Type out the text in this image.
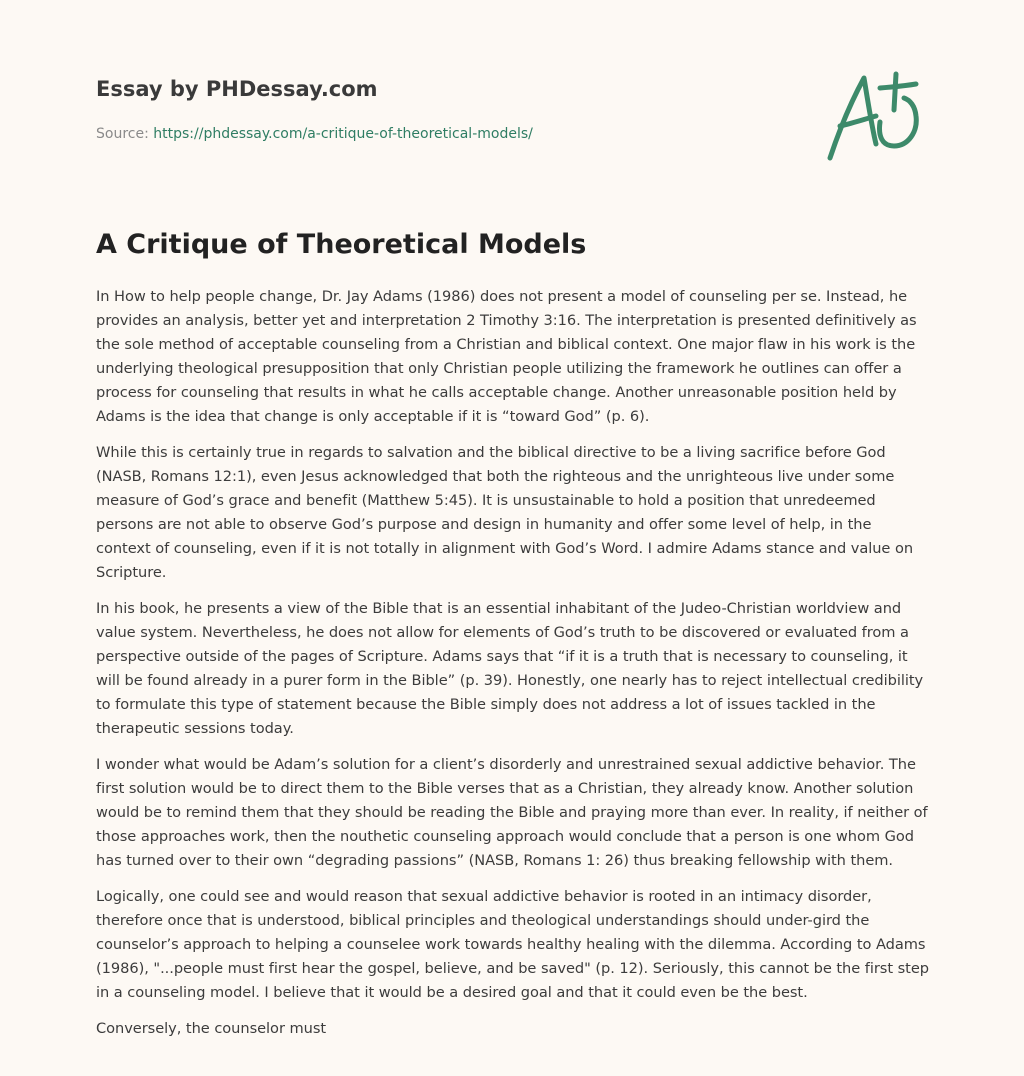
Essay by PHDessay.com
Source: https://phdessay.com/a-critique-of-theoretical-models/
A Critique of Theoretical Models

In How to help people change, Dr. Jay Adams (1986) does not present a model of counseling per se. Instead, he provides an analysis, better yet and interpretation 2 Timothy 3:16. The interpretation is presented definitively as the sole method of acceptable counseling from a Christian and biblical context. One major flaw in his work is the underlying theological presupposition that only Christian people utilizing the framework he outlines can offer a process for counseling that results in what he calls acceptable change. Another unreasonable position held by Adams is the idea that change is only acceptable if it is “toward God” (p. 6).

While this is certainly true in regards to salvation and the biblical directive to be a living sacrifice before God (NASB, Romans 12:1), even Jesus acknowledged that both the righteous and the unrighteous live under some measure of God’s grace and benefit (Matthew 5:45). It is unsustainable to hold a position that unredeemed persons are not able to observe God’s purpose and design in humanity and offer some level of help, in the context of counseling, even if it is not totally in alignment with God’s Word. I admire Adams stance and value on Scripture.

In his book, he presents a view of the Bible that is an essential inhabitant of the Judeo-Christian worldview and value system. Nevertheless, he does not allow for elements of God’s truth to be discovered or evaluated from a perspective outside of the pages of Scripture. Adams says that “if it is a truth that is necessary to counseling, it will be found already in a purer form in the Bible” (p. 39). Honestly, one nearly has to reject intellectual credibility to formulate this type of statement because the Bible simply does not address a lot of issues tackled in the therapeutic sessions today.

I wonder what would be Adam’s solution for a client’s disorderly and unrestrained sexual addictive behavior. The first solution would be to direct them to the Bible verses that as a Christian, they already know. Another solution would be to remind them that they should be reading the Bible and praying more than ever. In reality, if neither of those approaches work, then the nouthetic counseling approach would conclude that a person is one whom God has turned over to their own “degrading passions” (NASB, Romans 1: 26) thus breaking fellowship with them.

Logically, one could see and would reason that sexual addictive behavior is rooted in an intimacy disorder, therefore once that is understood, biblical principles and theological understandings should under-gird the counselor’s approach to helping a counselee work towards healthy healing with the dilemma. According to Adams (1986), "...people must first hear the gospel, believe, and be saved" (p. 12). Seriously, this cannot be the first step in a counseling model. I believe that it would be a desired goal and that it could even be the best.

Conversely, the counselor must
